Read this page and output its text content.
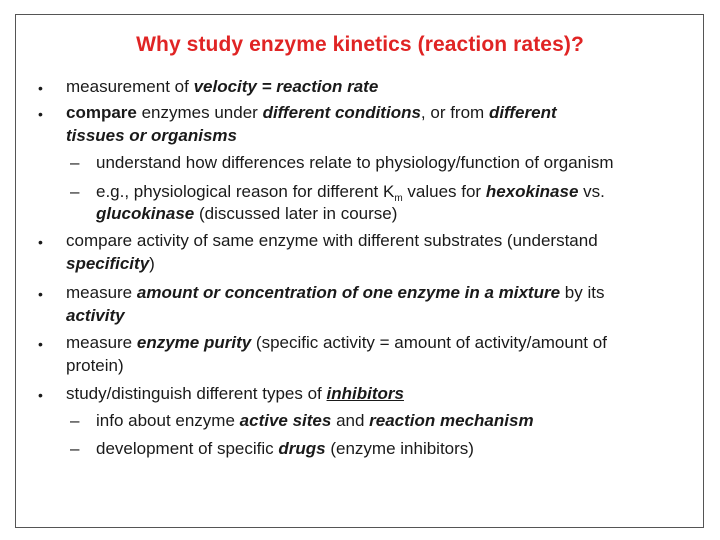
Why study enzyme kinetics (reaction rates)?
• measurement of velocity = reaction rate
• compare enzymes under different conditions, or from different
tissues or organisms
– understand how differences relate to physiology/function of organism
– e.g., physiological reason for different $K_m$ values for hexokinase vs.
glucokinase (discussed later in course)
• compare activity of same enzyme with different substrates (understand
specificity)
• measure amount or concentration of one enzyme in a mixture by its
activity
• measure enzyme purity (specific activity = amount of activity/amount of
protein)
• study/distinguish different types of inhibitors
– info about enzyme active sites and reaction mechanism
– development of specific drugs (enzyme inhibitors)
